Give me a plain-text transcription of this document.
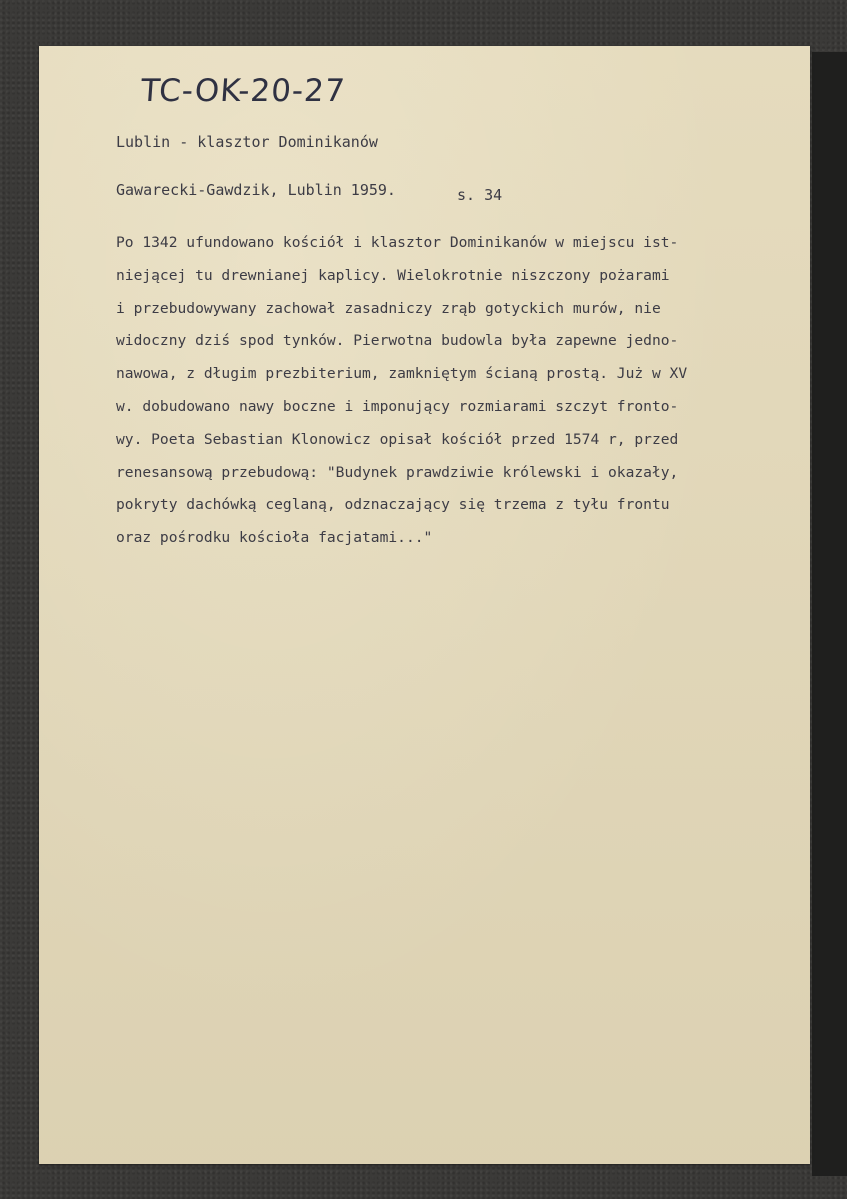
TC-OK-20-27
Lublin - klasztor Dominikanów
Gawarecki-Gawdzik, Lublin 1959.	s. 34
Po 1342 ufundowano kościół i klasztor Dominikanów w miejscu ist-
niejącej tu drewnianej kaplicy. Wielokrotnie niszczony pożarami
i przebudowywany zachował zasadniczy zrąb gotyckich murów, nie
widoczny dziś spod tynków. Pierwotna budowla była zapewne jedno-
nawowa, z długim prezbiterium, zamkniętym ścianą prostą. Już w XV
w. dobudowano nawy boczne i imponujący rozmiarami szczyt fronto-
wy. Poeta Sebastian Klonowicz opisał kościół przed 1574 r, przed
renesansową przebudową: "Budynek prawdziwie królewski i okazały,
pokryty dachówką ceglaną, odznaczający się trzema z tyłu frontu
oraz pośrodku kościoła facjatami..."
